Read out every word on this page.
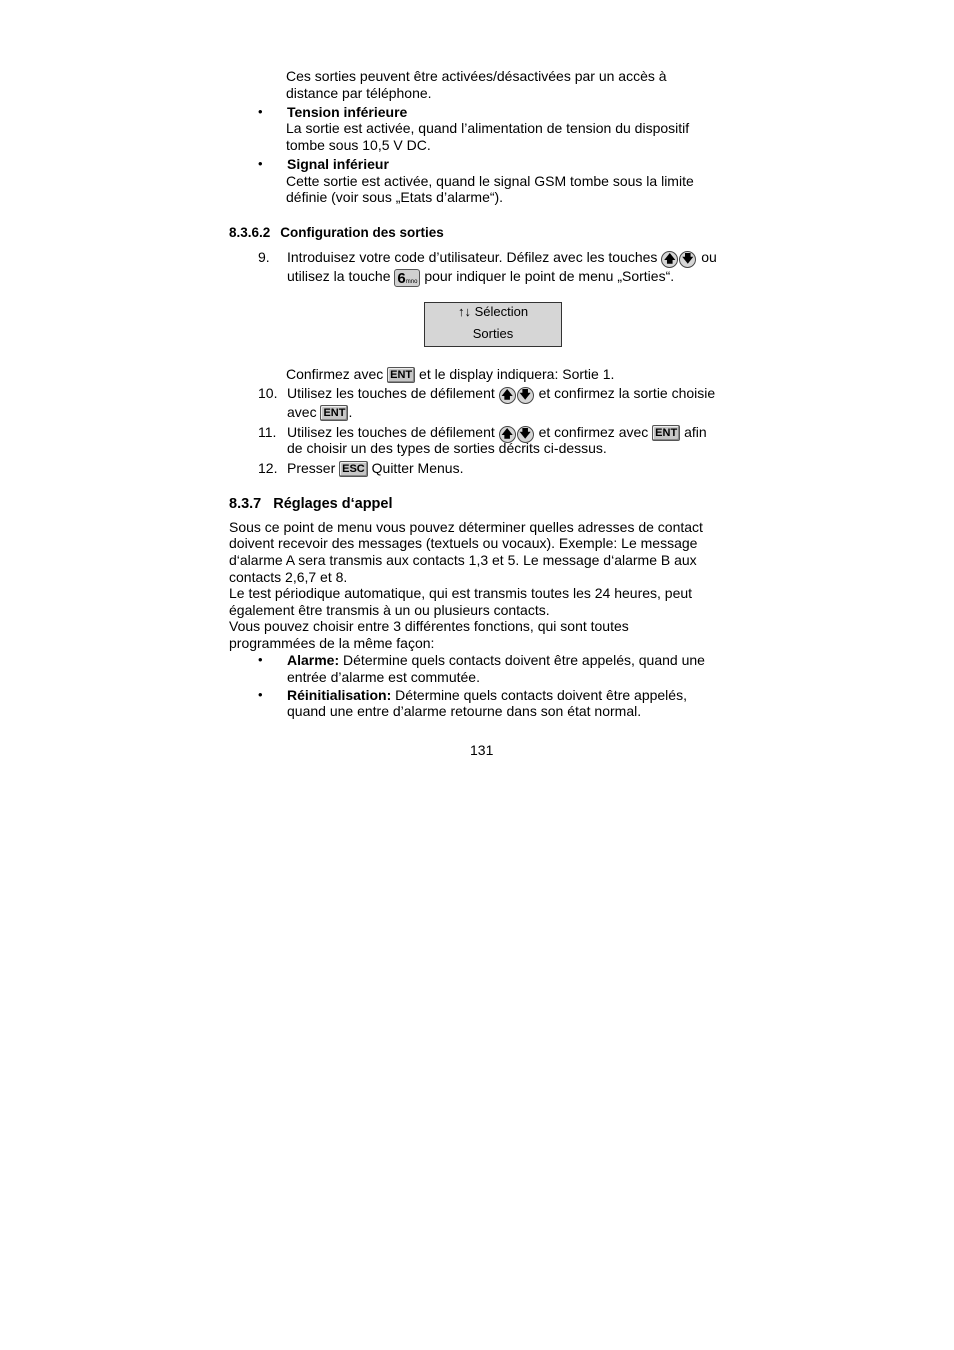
Ces sorties peuvent être activées/désactivées par un accès à
distance par téléphone.
• Tension inférieure
La sortie est activée, quand l’alimentation de tension du dispositif
tombe sous 10,5 V DC.
• Signal inférieur
Cette sortie est activée, quand le signal GSM tombe sous la limite
définie (voir sous „Etats d’alarme“).
8.3.6.2 Configuration des sorties
9. Introduisez votre code d’utilisateur. Défilez avec les touches 🡅 🡇 ou
utilisez la touche 6mno pour indiquer le point de menu „Sorties“.
↑↓ Sélection
Sorties
Confirmez avec ENT et le display indiquera: Sortie 1.
10. Utilisez les touches de défilement 🡅 🡇 et confirmez la sortie choisie
avec ENT .
11. Utilisez les touches de défilement 🡅 🡇 et confirmez avec ENT afin
de choisir un des types de sorties décrits ci-dessus.
12. Presser ESC Quitter Menus.
8.3.7 Réglages d‘appel
Sous ce point de menu vous pouvez déterminer quelles adresses de contact
doivent recevoir des messages (textuels ou vocaux). Exemple: Le message
d‘alarme A sera transmis aux contacts 1,3 et 5. Le message d‘alarme B aux
contacts 2,6,7 et 8.
Le test périodique automatique, qui est transmis toutes les 24 heures, peut
également être transmis à un ou plusieurs contacts.
Vous pouvez choisir entre 3 différentes fonctions, qui sont toutes
programmées de la même façon:
• Alarme: Détermine quels contacts doivent être appelés, quand une
entrée d’alarme est commutée.
• Réinitialisation: Détermine quels contacts doivent être appelés,
quand une entre d’alarme retourne dans son état normal.
131
